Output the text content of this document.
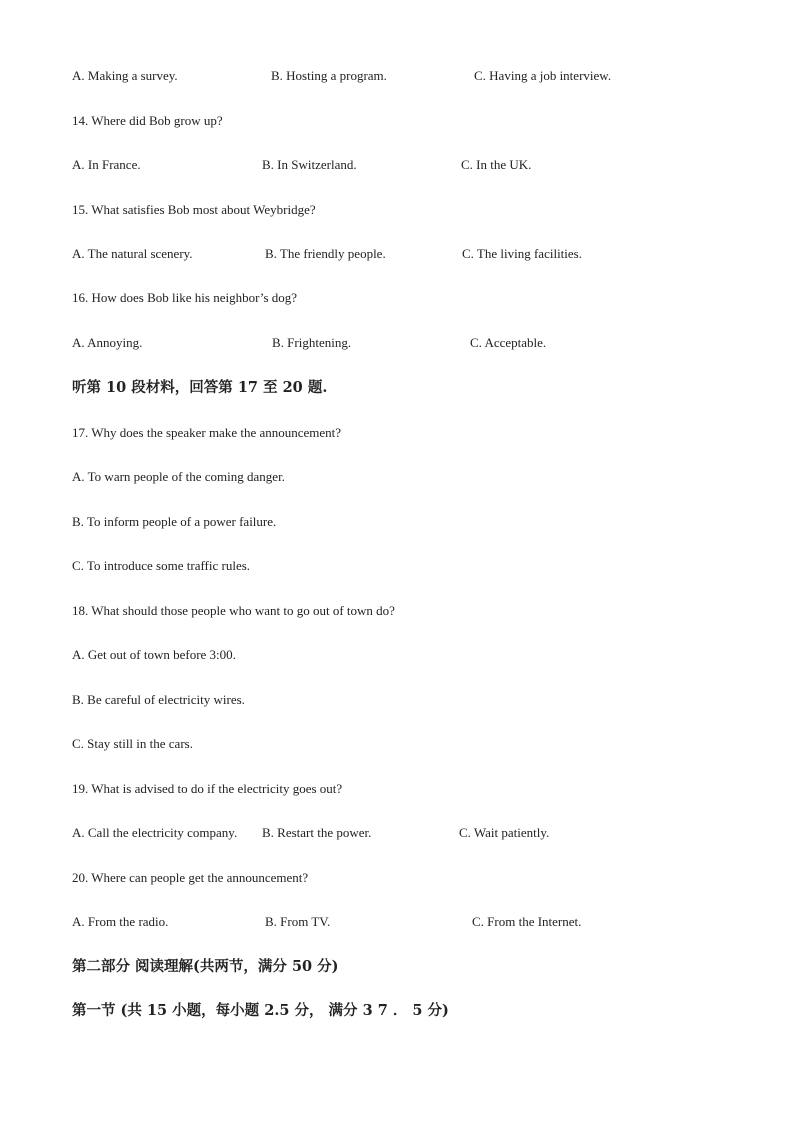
A. Making a survey.	B. Hosting a program.	C. Having a job interview.
14. Where did Bob grow up?
A. In France.	B. In Switzerland.	C. In the UK.
15. What satisfies Bob most about Weybridge?
A. The natural scenery.	B. The friendly people.	C. The living facilities.
16. How does Bob like his neighbor’s dog?
A. Annoying.	B. Frightening.	C. Acceptable.
听第 10 段材料，回答第 17 至 20 题.
17. Why does the speaker make the announcement?
A. To warn people of the coming danger.
B. To inform people of a power failure.
C. To introduce some traffic rules.
18. What should those people who want to go out of town do?
A. Get out of town before 3:00.
B. Be careful of electricity wires.
C. Stay still in the cars.
19. What is advised to do if the electricity goes out?
A. Call the electricity company. B. Restart the power.	C. Wait patiently.
20. Where can people get the announcement?
A. From the radio.	B. From TV.	C. From the Internet.
第二部分 阅读理解(共两节，满分 50 分)
第一节 (共 15 小题，每小题 2.5 分， 满分 3 7 ． 5 分)
